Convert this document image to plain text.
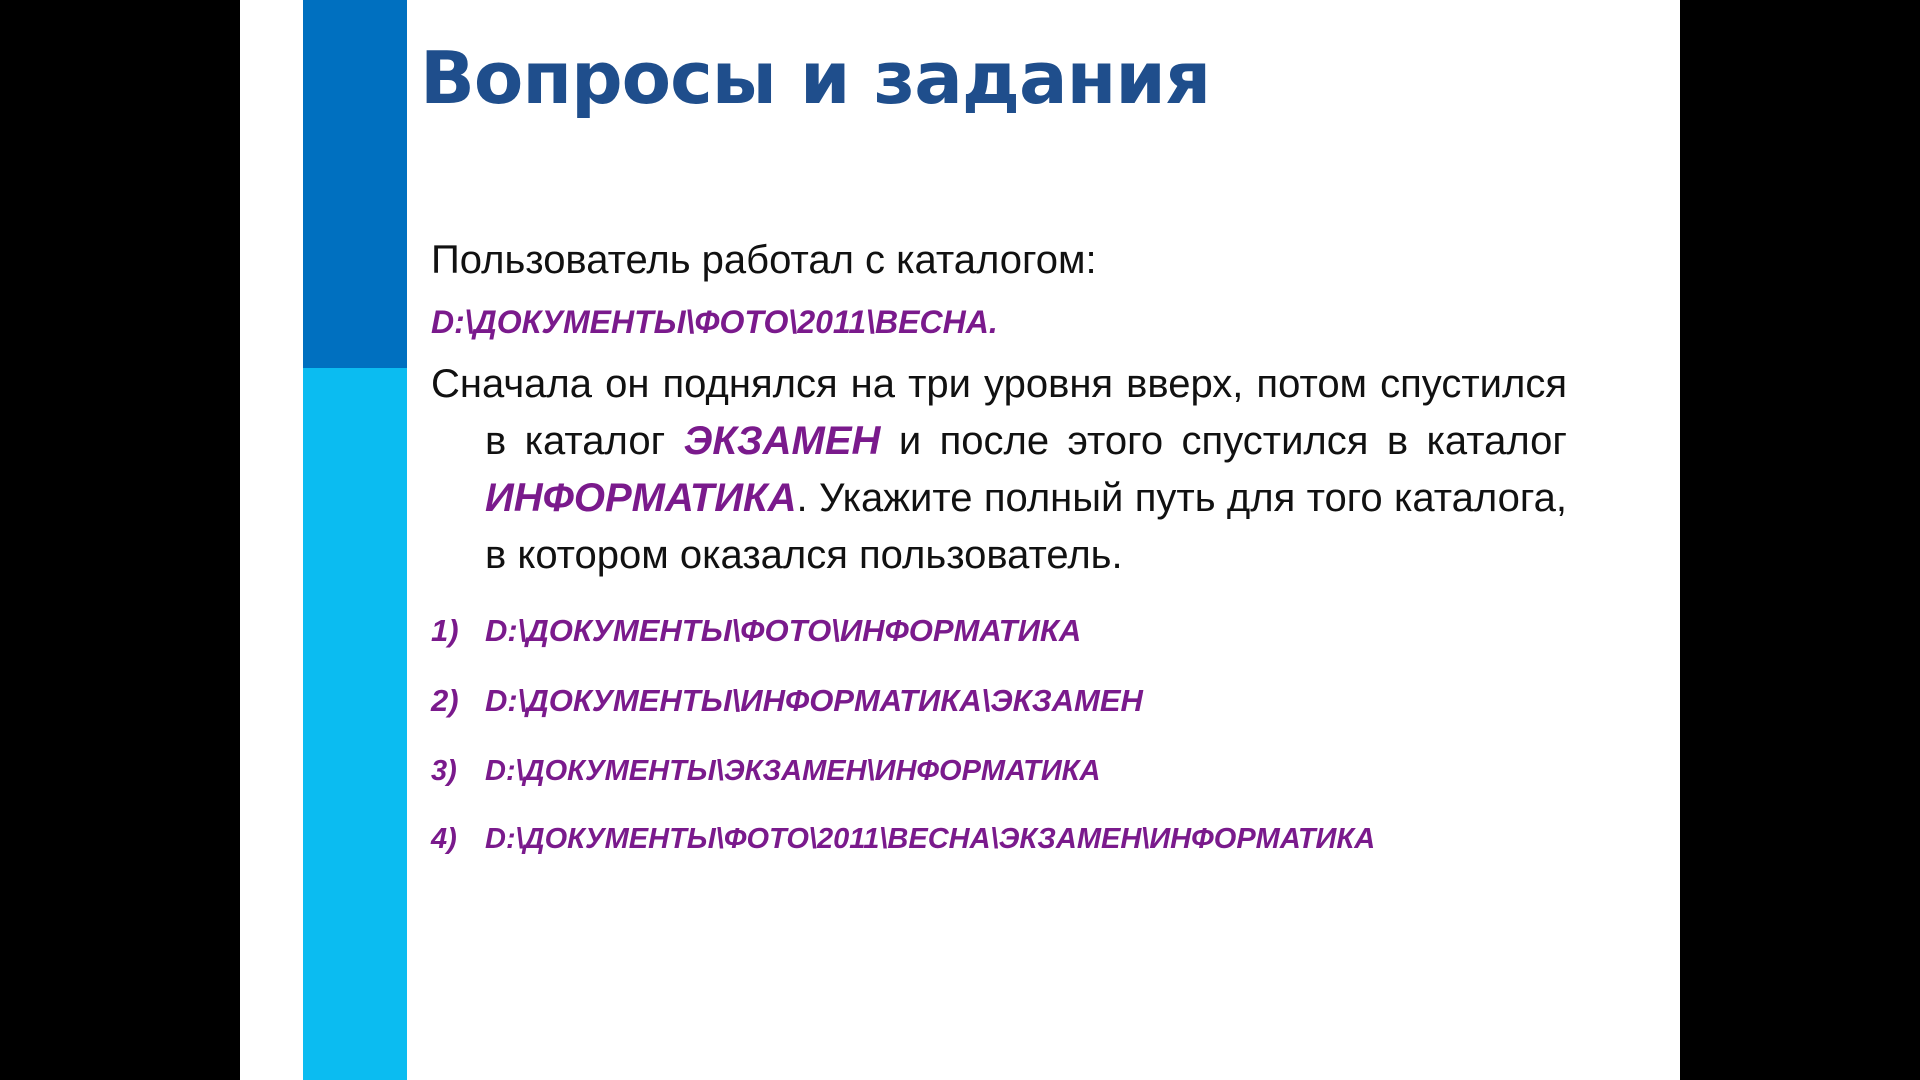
Вопросы и задания

Пользователь работал с каталогом:

D:\ДОКУМЕНТЫ\ФОТО\2011\ВЕСНА.

Сначала он поднялся на три уровня вверх, потом спустился в каталог ЭКЗАМЕН и после этого спустился в каталог ИНФОРМАТИКА. Укажите полный путь для того каталога, в котором оказался пользователь.

1) D:\ДОКУМЕНТЫ\ФОТО\ИНФОРМАТИКА
2) D:\ДОКУМЕНТЫ\ИНФОРМАТИКА\ЭКЗАМЕН
3) D:\ДОКУМЕНТЫ\ЭКЗАМЕН\ИНФОРМАТИКА
4) D:\ДОКУМЕНТЫ\ФОТО\2011\ВЕСНА\ЭКЗАМЕН\ИНФОРМАТИКА
